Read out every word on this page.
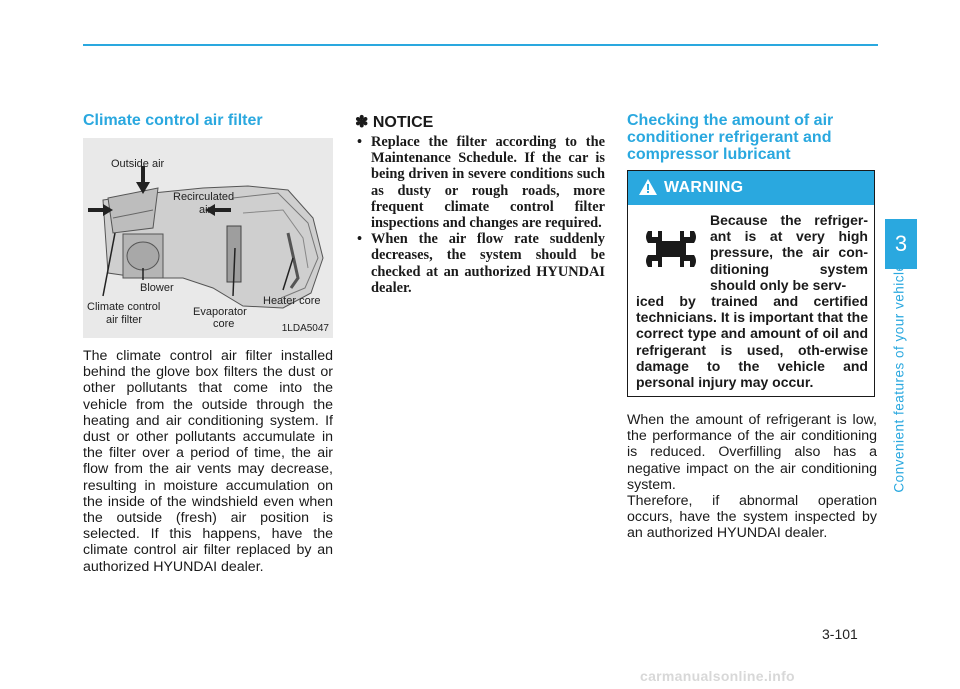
Climate control air filter
Outside air
Recirculated
air
Blower
Climate control
air filter
Evaporator
core
Heater core
1LDA5047

The climate control air filter installed behind the glove box filters the dust or other pollutants that come into the vehicle from the outside through the heating and air conditioning system. If dust or other pollutants accumulate in the filter over a period of time, the air flow from the air vents may decrease, resulting in moisture accumulation on the inside of the windshield even when the outside (fresh) air position is selected. If this happens, have the climate control air filter replaced by an authorized HYUNDAI dealer.

✽ NOTICE
• Replace the filter according to the Maintenance Schedule. If the car is being driven in severe conditions such as dusty or rough roads, more frequent climate control filter inspections and changes are required.
• When the air flow rate suddenly decreases, the system should be checked at an authorized HYUNDAI dealer.
Checking the amount of air
conditioner refrigerant and
compressor lubricant
WARNING

Because the refriger-ant is at very high pressure, the air con-ditioning system should only be serv-

iced by trained and certified technicians. It is important that the correct type and amount of oil and refrigerant is used, oth-erwise damage to the vehicle and personal injury may occur.

When the amount of refrigerant is low, the performance of the air conditioning is reduced. Overfilling also has a negative impact on the air conditioning system.

Therefore, if abnormal operation occurs, have the system inspected by an authorized HYUNDAI dealer.

3
Convenient features of your vehicle
3-101
carmanualsonline.info
